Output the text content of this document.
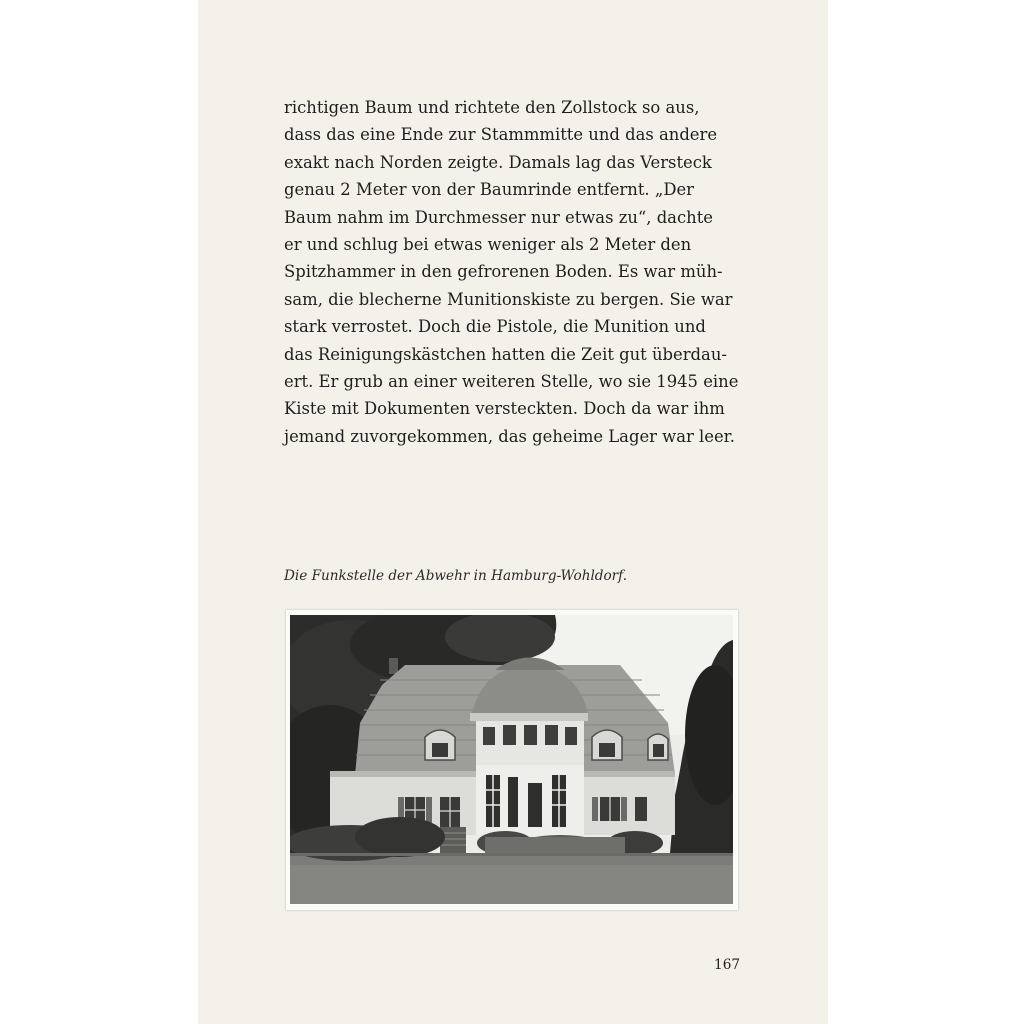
richtigen Baum und richtete den Zollstock so aus,
dass das eine Ende zur Stammmitte und das andere
exakt nach Norden zeigte. Damals lag das Versteck
genau 2 Meter von der Baumrinde entfernt. „Der
Baum nahm im Durchmesser nur etwas zu“, dachte
er und schlug bei etwas weniger als 2 Meter den
Spitzhammer in den gefrorenen Boden. Es war müh-
sam, die blecherne Munitionskiste zu bergen. Sie war
stark verrostet. Doch die Pistole, die Munition und
das Reinigungskästchen hatten die Zeit gut überdau-
ert. Er grub an einer weiteren Stelle, wo sie 1945 eine
Kiste mit Dokumenten versteckten. Doch da war ihm
jemand zuvorgekommen, das geheime Lager war leer.

Die Funkstelle der Abwehr in Hamburg-Wohldorf.

167
